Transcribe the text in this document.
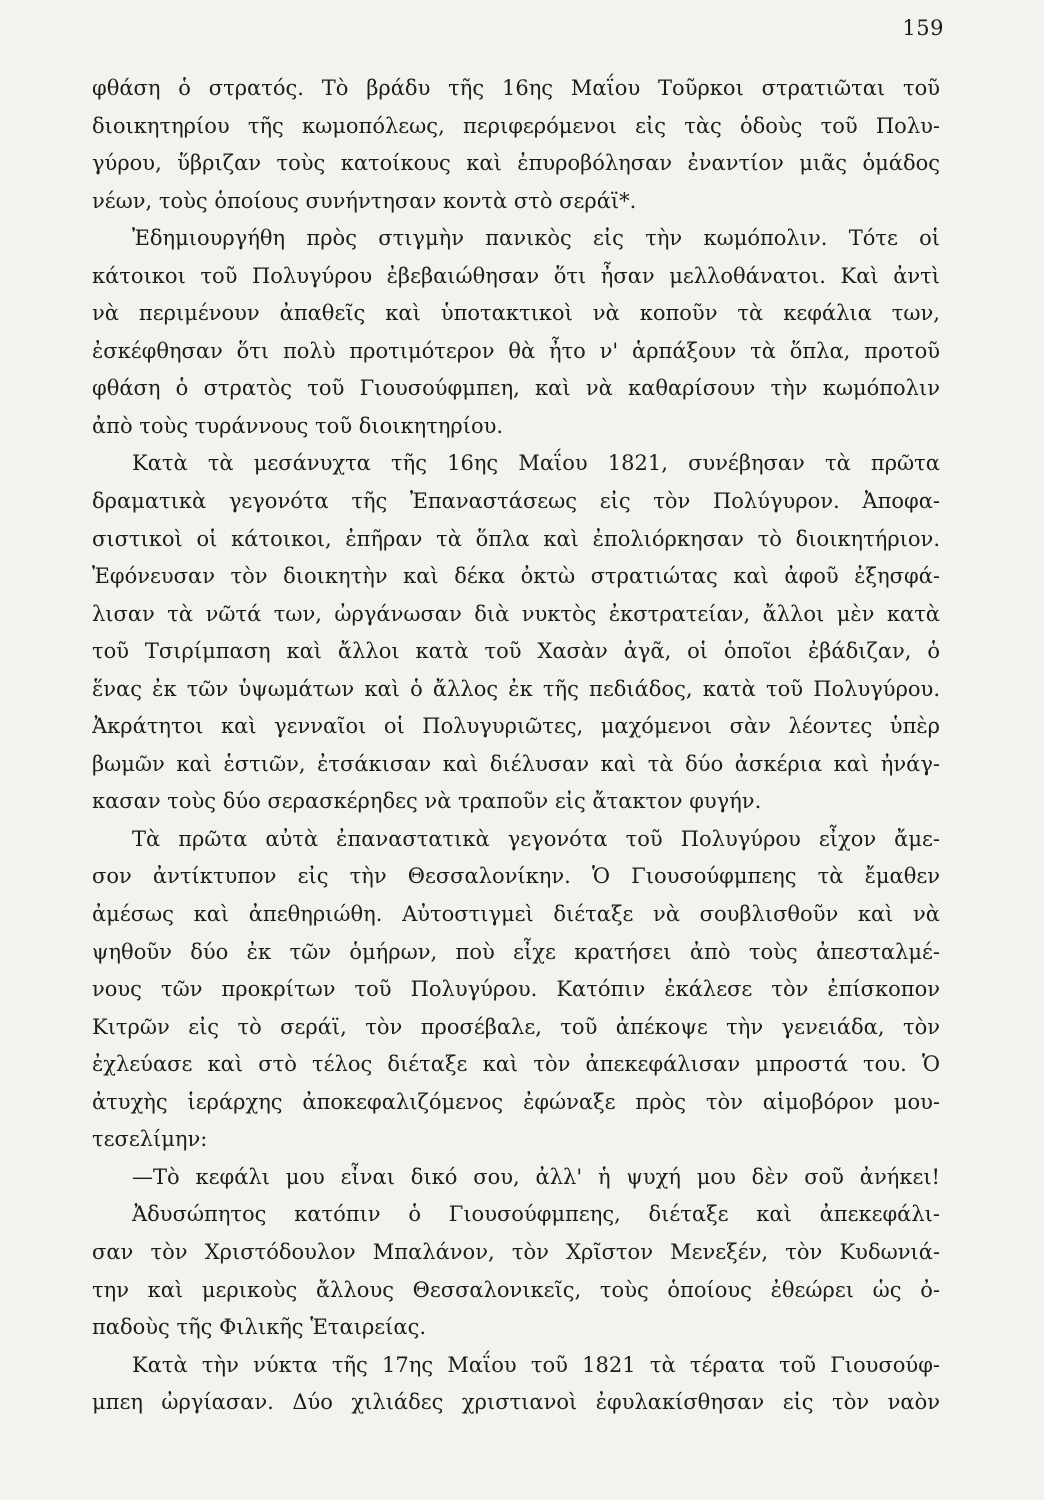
159
φθάση ὁ στρατός. Τὸ βράδυ τῆς 16ης Μαΐου Τοῦρκοι στρατιῶται τοῦ
διοικητηρίου τῆς κωμοπόλεως, περιφερόμενοι εἰς τὰς ὁδοὺς τοῦ Πολυ-
γύρου, ὕβριζαν τοὺς κατοίκους καὶ ἐπυροβόλησαν ἐναντίον μιᾶς ὁμάδος
νέων, τοὺς ὁποίους συνήντησαν κοντὰ στὸ σεράϊ*.
Ἐδημιουργήθη πρὸς στιγμὴν πανικὸς εἰς τὴν κωμόπολιν. Τότε οἱ
κάτοικοι τοῦ Πολυγύρου ἐβεβαιώθησαν ὅτι ἦσαν μελλοθάνατοι. Καὶ ἀντὶ
νὰ περιμένουν ἀπαθεῖς καὶ ὑποτακτικοὶ νὰ κοποῦν τὰ κεφάλια των,
ἐσκέφθησαν ὅτι πολὺ προτιμότερον θὰ ἦτο ν' ἁρπάξουν τὰ ὅπλα, προτοῦ
φθάση ὁ στρατὸς τοῦ Γιουσούφμπεη, καὶ νὰ καθαρίσουν τὴν κωμόπολιν
ἀπὸ τοὺς τυράννους τοῦ διοικητηρίου.
Κατὰ τὰ μεσάνυχτα τῆς 16ης Μαΐου 1821, συνέβησαν τὰ πρῶτα
δραματικὰ γεγονότα τῆς Ἐπαναστάσεως εἰς τὸν Πολύγυρον. Ἀποφα-
σιστικοὶ οἱ κάτοικοι, ἐπῆραν τὰ ὅπλα καὶ ἐπολιόρκησαν τὸ διοικητήριον.
Ἐφόνευσαν τὸν διοικητὴν καὶ δέκα ὀκτὼ στρατιώτας καὶ ἀφοῦ ἐξησφά-
λισαν τὰ νῶτά των, ὠργάνωσαν διὰ νυκτὸς ἐκστρατείαν, ἄλλοι μὲν κατὰ
τοῦ Τσιρίμπαση καὶ ἄλλοι κατὰ τοῦ Χασὰν ἀγᾶ, οἱ ὁποῖοι ἐβάδιζαν, ὁ
ἕνας ἐκ τῶν ὑψωμάτων καὶ ὁ ἄλλος ἐκ τῆς πεδιάδος, κατὰ τοῦ Πολυγύρου.
Ἀκράτητοι καὶ γενναῖοι οἱ Πολυγυριῶτες, μαχόμενοι σὰν λέοντες ὑπὲρ
βωμῶν καὶ ἑστιῶν, ἐτσάκισαν καὶ διέλυσαν καὶ τὰ δύο ἀσκέρια καὶ ἠνάγ-
κασαν τοὺς δύο σερασκέρηδες νὰ τραποῦν εἰς ἄτακτον φυγήν.
Τὰ πρῶτα αὐτὰ ἐπαναστατικὰ γεγονότα τοῦ Πολυγύρου εἶχον ἄμε-
σον ἀντίκτυπον εἰς τὴν Θεσσαλονίκην. Ὁ Γιουσούφμπεης τὰ ἔμαθεν
ἀμέσως καὶ ἀπεθηριώθη. Αὐτοστιγμεὶ διέταξε νὰ σουβλισθοῦν καὶ νὰ
ψηθοῦν δύο ἐκ τῶν ὁμήρων, ποὺ εἶχε κρατήσει ἀπὸ τοὺς ἀπεσταλμέ-
νους τῶν προκρίτων τοῦ Πολυγύρου. Κατόπιν ἐκάλεσε τὸν ἐπίσκοπον
Κιτρῶν εἰς τὸ σεράϊ, τὸν προσέβαλε, τοῦ ἀπέκοψε τὴν γενειάδα, τὸν
ἐχλεύασε καὶ στὸ τέλος διέταξε καὶ τὸν ἀπεκεφάλισαν μπροστά του. Ὁ
ἀτυχὴς ἱεράρχης ἀποκεφαλιζόμενος ἐφώναξε πρὸς τὸν αἱμοβόρον μου-
τεσελίμην:
—Τὸ κεφάλι μου εἶναι δικό σου, ἀλλ' ἡ ψυχή μου δὲν σοῦ ἀνήκει!
Ἀδυσώπητος κατόπιν ὁ Γιουσούφμπεης, διέταξε καὶ ἀπεκεφάλι-
σαν τὸν Χριστόδουλον Μπαλάνον, τὸν Χρῖστον Μενεξέν, τὸν Κυδωνιά-
την καὶ μερικοὺς ἄλλους Θεσσαλονικεῖς, τοὺς ὁποίους ἐθεώρει ὡς ὀ-
παδοὺς τῆς Φιλικῆς Ἑταιρείας.
Κατὰ τὴν νύκτα τῆς 17ης Μαΐου τοῦ 1821 τὰ τέρατα τοῦ Γιουσούφ-
μπεη ὠργίασαν. Δύο χιλιάδες χριστιανοὶ ἐφυλακίσθησαν εἰς τὸν ναὸν
